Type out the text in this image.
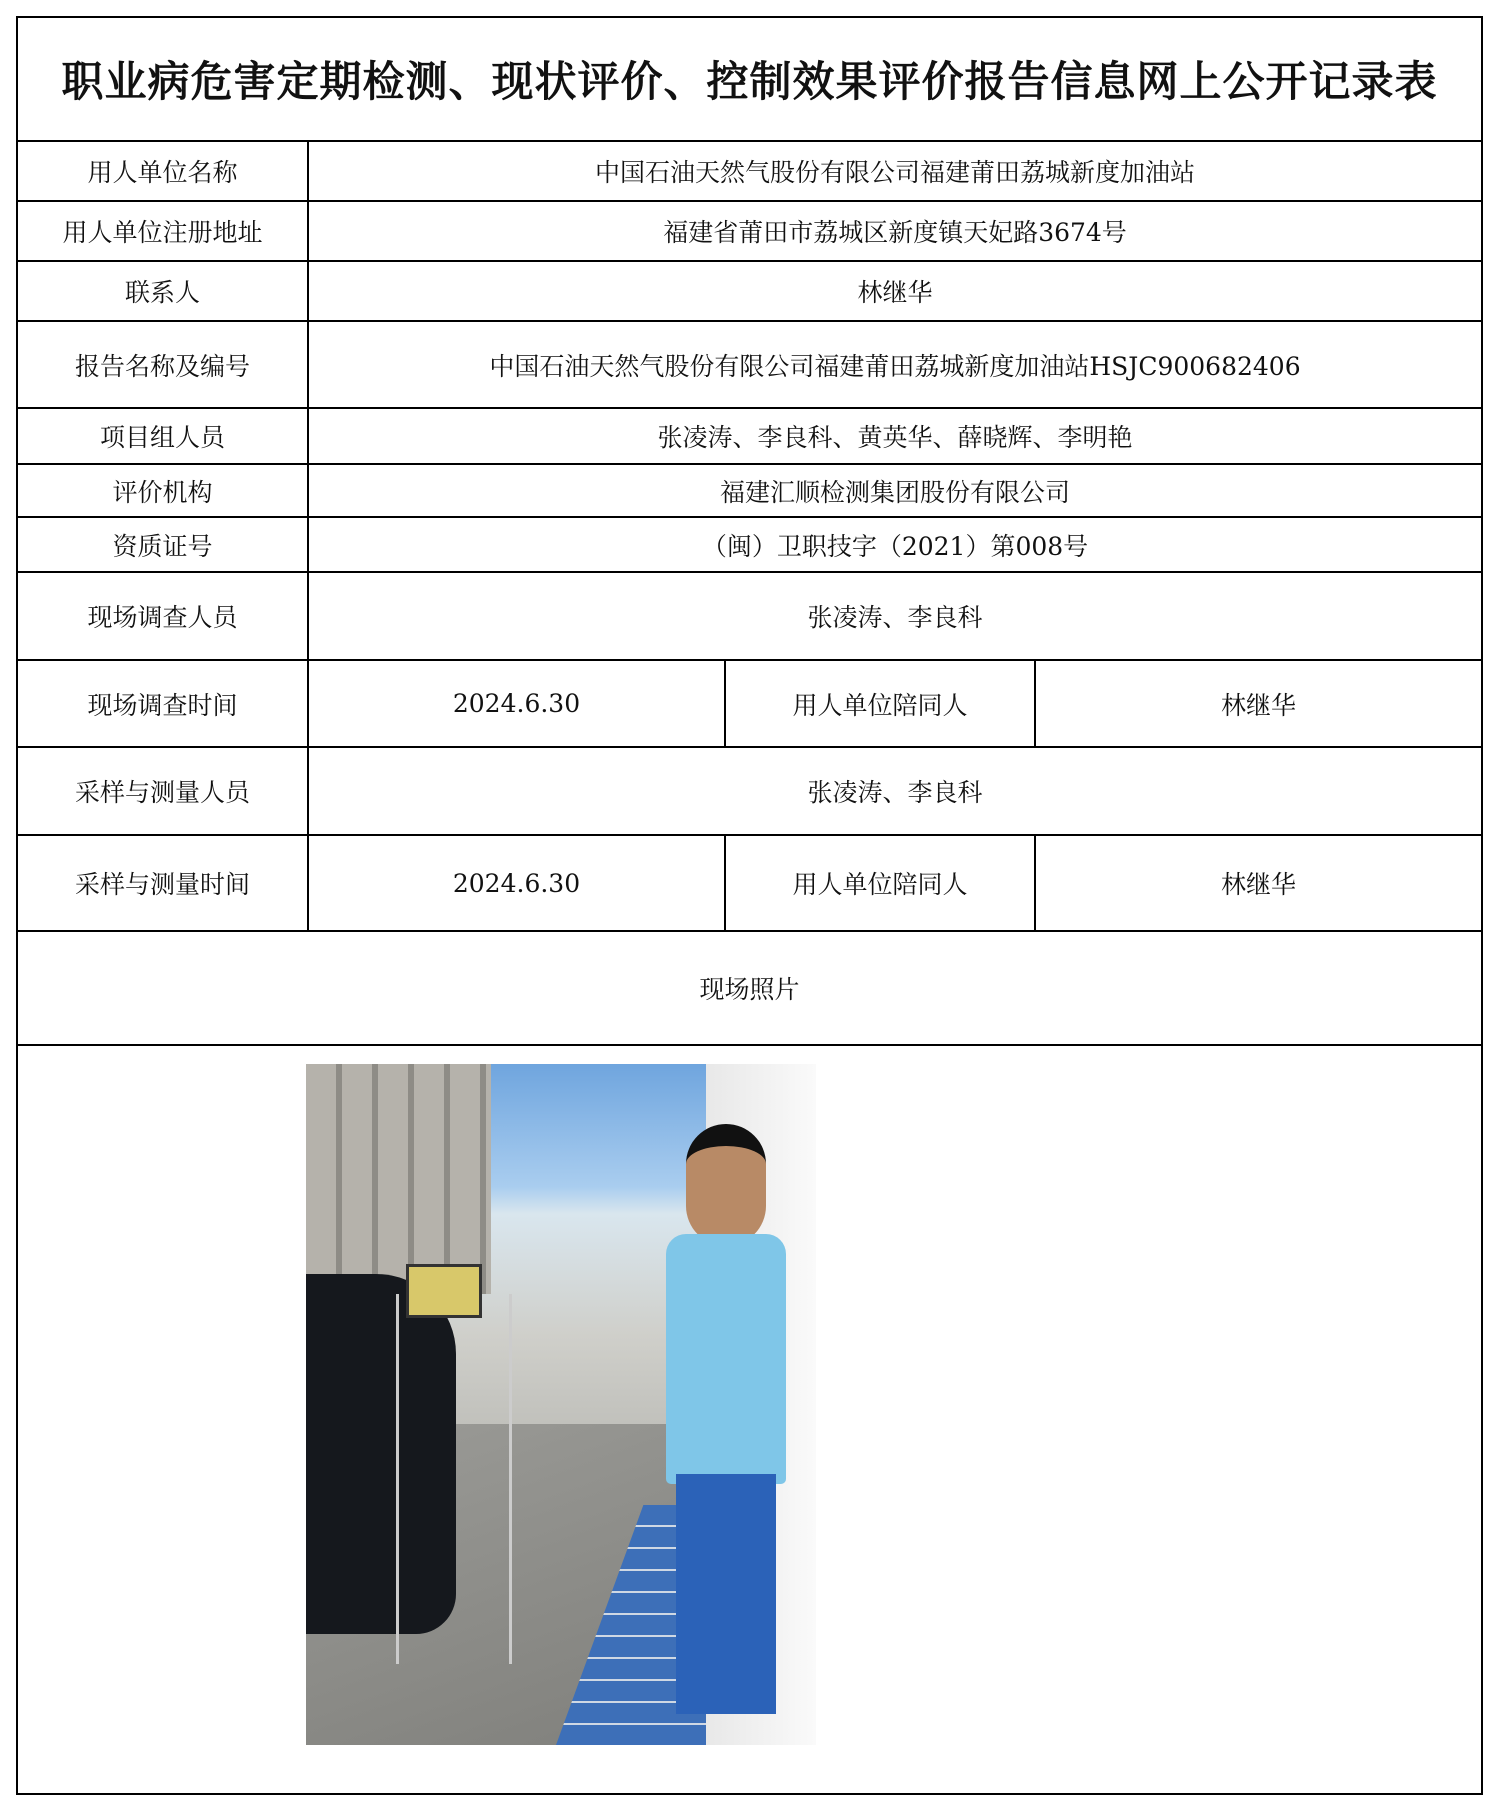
职业病危害定期检测、现状评价、控制效果评价报告信息网上公开记录表
用人单位名称	中国石油天然气股份有限公司福建莆田荔城新度加油站
用人单位注册地址	福建省莆田市荔城区新度镇天妃路3674号
联系人	林继华
报告名称及编号	中国石油天然气股份有限公司福建莆田荔城新度加油站HSJC900682406
项目组人员	张凌涛、李良科、黄英华、薛晓辉、李明艳
评价机构	福建汇顺检测集团股份有限公司
资质证号	（闽）卫职技字（2021）第008号
现场调查人员	张凌涛、李良科
现场调查时间	2024.6.30	用人单位陪同人	林继华
采样与测量人员	张凌涛、李良科
采样与测量时间	2024.6.30	用人单位陪同人	林继华
现场照片
